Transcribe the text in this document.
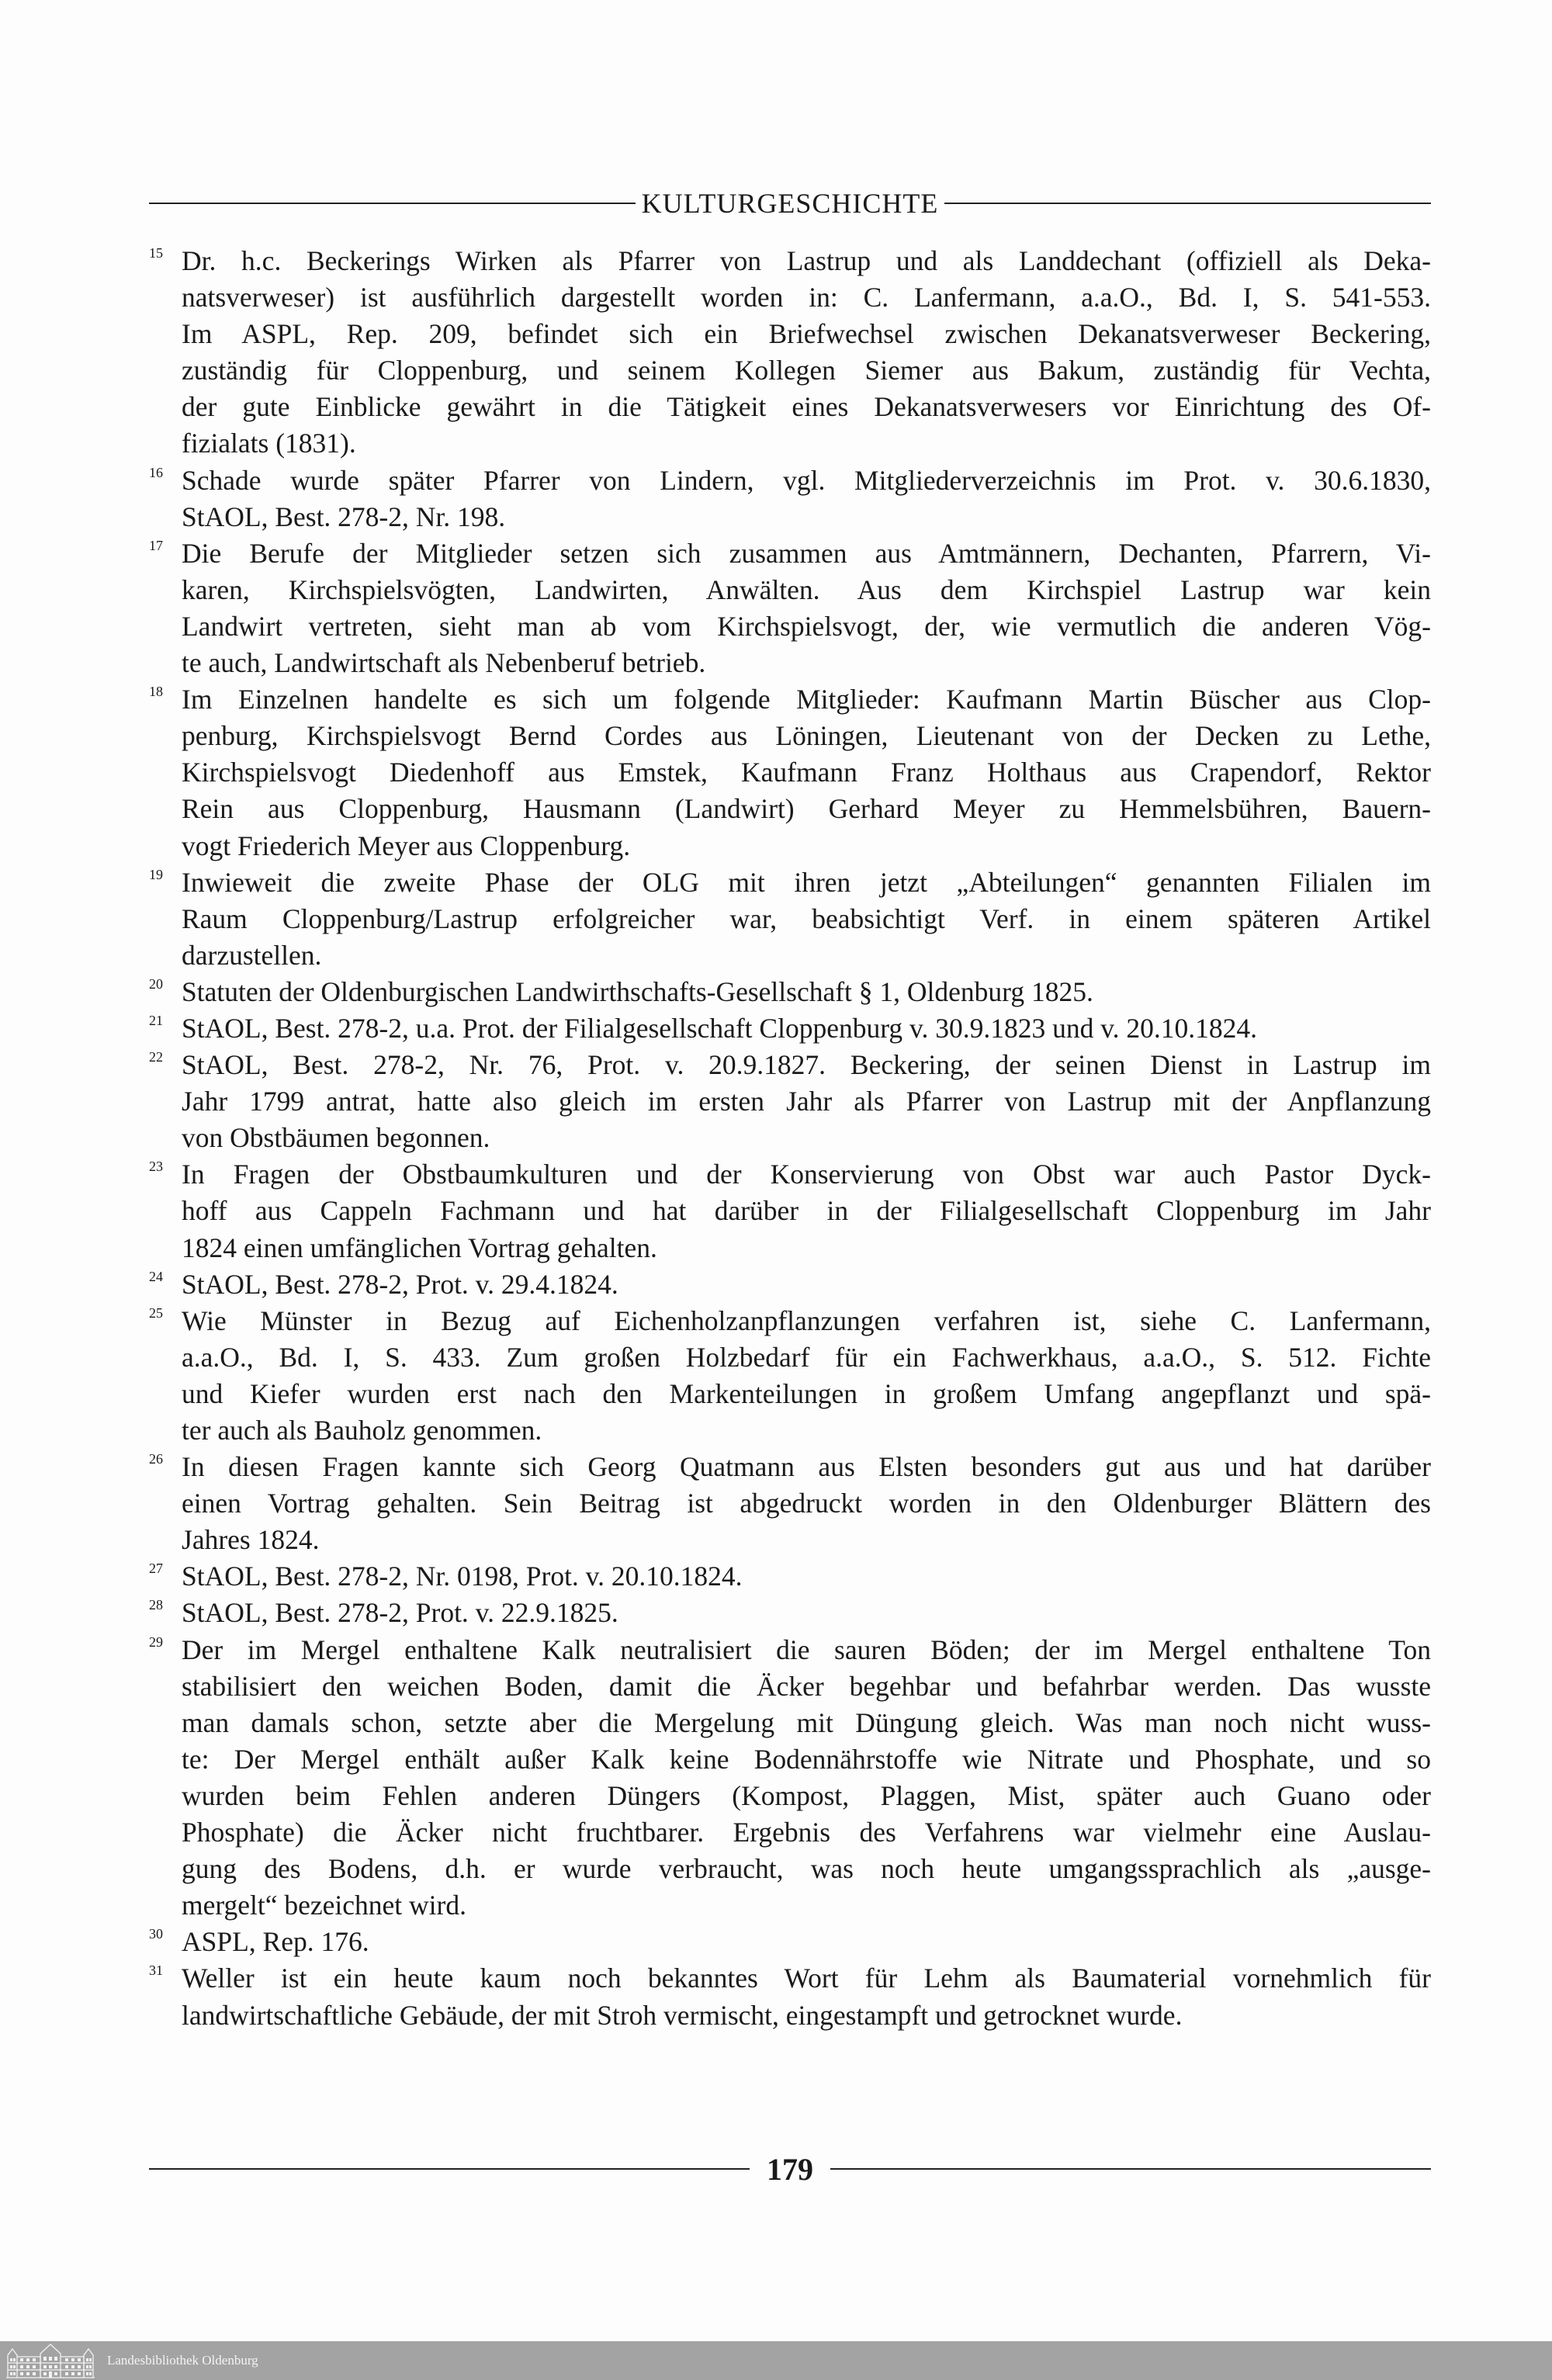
KULTURGESCHICHTE
15 Dr. h.c. Beckerings Wirken als Pfarrer von Lastrup und als Landdechant (offiziell als Deka-
natsverweser) ist ausführlich dargestellt worden in: C. Lanfermann, a.a.O., Bd. I, S. 541-553.
Im ASPL, Rep. 209, befindet sich ein Briefwechsel zwischen Dekanatsverweser Beckering,
zuständig für Cloppenburg, und seinem Kollegen Siemer aus Bakum, zuständig für Vechta,
der gute Einblicke gewährt in die Tätigkeit eines Dekanatsverwesers vor Einrichtung des Of-
fizialats (1831).
16 Schade wurde später Pfarrer von Lindern, vgl. Mitgliederverzeichnis im Prot. v. 30.6.1830,
StAOL, Best. 278-2, Nr. 198.
17 Die Berufe der Mitglieder setzen sich zusammen aus Amtmännern, Dechanten, Pfarrern, Vi-
karen, Kirchspielsvögten, Landwirten, Anwälten. Aus dem Kirchspiel Lastrup war kein
Landwirt vertreten, sieht man ab vom Kirchspielsvogt, der, wie vermutlich die anderen Vög-
te auch, Landwirtschaft als Nebenberuf betrieb.
18 Im Einzelnen handelte es sich um folgende Mitglieder: Kaufmann Martin Büscher aus Clop-
penburg, Kirchspielsvogt Bernd Cordes aus Löningen, Lieutenant von der Decken zu Lethe,
Kirchspielsvogt Diedenhoff aus Emstek, Kaufmann Franz Holthaus aus Crapendorf, Rektor
Rein aus Cloppenburg, Hausmann (Landwirt) Gerhard Meyer zu Hemmelsbühren, Bauern-
vogt Friederich Meyer aus Cloppenburg.
19 Inwieweit die zweite Phase der OLG mit ihren jetzt „Abteilungen“ genannten Filialen im
Raum Cloppenburg/Lastrup erfolgreicher war, beabsichtigt Verf. in einem späteren Artikel
darzustellen.
20 Statuten der Oldenburgischen Landwirthschafts-Gesellschaft § 1, Oldenburg 1825.
21 StAOL, Best. 278-2, u.a. Prot. der Filialgesellschaft Cloppenburg v. 30.9.1823 und v. 20.10.1824.
22 StAOL, Best. 278-2, Nr. 76, Prot. v. 20.9.1827. Beckering, der seinen Dienst in Lastrup im
Jahr 1799 antrat, hatte also gleich im ersten Jahr als Pfarrer von Lastrup mit der Anpflanzung
von Obstbäumen begonnen.
23 In Fragen der Obstbaumkulturen und der Konservierung von Obst war auch Pastor Dyck-
hoff aus Cappeln Fachmann und hat darüber in der Filialgesellschaft Cloppenburg im Jahr
1824 einen umfänglichen Vortrag gehalten.
24 StAOL, Best. 278-2, Prot. v. 29.4.1824.
25 Wie Münster in Bezug auf Eichenholzanpflanzungen verfahren ist, siehe C. Lanfermann,
a.a.O., Bd. I, S. 433. Zum großen Holzbedarf für ein Fachwerkhaus, a.a.O., S. 512. Fichte
und Kiefer wurden erst nach den Markenteilungen in großem Umfang angepflanzt und spä-
ter auch als Bauholz genommen.
26 In diesen Fragen kannte sich Georg Quatmann aus Elsten besonders gut aus und hat darüber
einen Vortrag gehalten. Sein Beitrag ist abgedruckt worden in den Oldenburger Blättern des
Jahres 1824.
27 StAOL, Best. 278-2, Nr. 0198, Prot. v. 20.10.1824.
28 StAOL, Best. 278-2, Prot. v. 22.9.1825.
29 Der im Mergel enthaltene Kalk neutralisiert die sauren Böden; der im Mergel enthaltene Ton
stabilisiert den weichen Boden, damit die Äcker begehbar und befahrbar werden. Das wusste
man damals schon, setzte aber die Mergelung mit Düngung gleich. Was man noch nicht wuss-
te: Der Mergel enthält außer Kalk keine Bodennährstoffe wie Nitrate und Phosphate, und so
wurden beim Fehlen anderen Düngers (Kompost, Plaggen, Mist, später auch Guano oder
Phosphate) die Äcker nicht fruchtbarer. Ergebnis des Verfahrens war vielmehr eine Auslau-
gung des Bodens, d.h. er wurde verbraucht, was noch heute umgangssprachlich als „ausge-
mergelt“ bezeichnet wird.
30 ASPL, Rep. 176.
31 Weller ist ein heute kaum noch bekanntes Wort für Lehm als Baumaterial vornehmlich für
landwirtschaftliche Gebäude, der mit Stroh vermischt, eingestampft und getrocknet wurde.
179
Landesbibliothek Oldenburg
